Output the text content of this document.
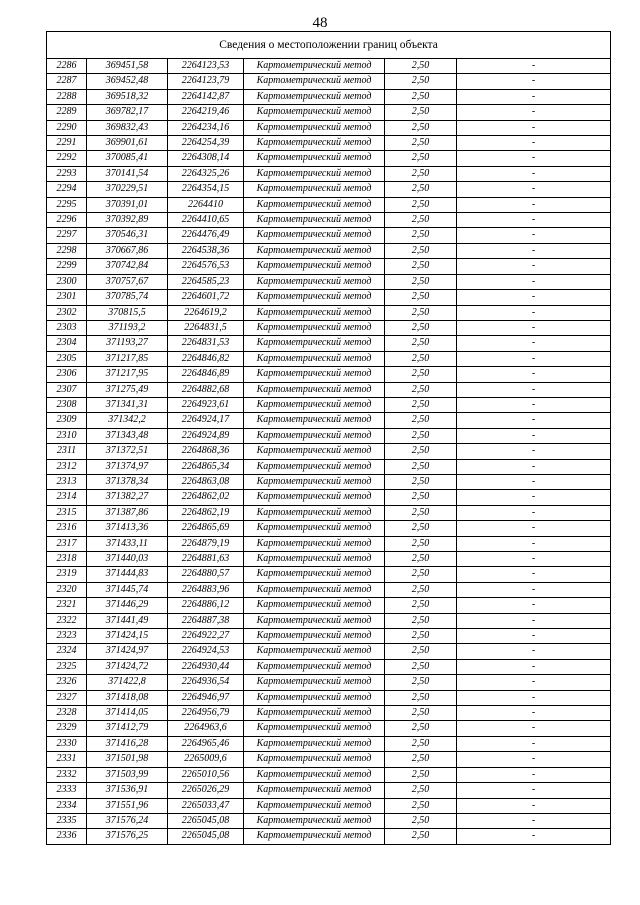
48
Сведения о местоположении границ объекта					
2286	369451,58	2264123,53	Картометрический метод	2,50	-
2287	369452,48	2264123,79	Картометрический метод	2,50	-
2288	369518,32	2264142,87	Картометрический метод	2,50	-
2289	369782,17	2264219,46	Картометрический метод	2,50	-
2290	369832,43	2264234,16	Картометрический метод	2,50	-
2291	369901,61	2264254,39	Картометрический метод	2,50	-
2292	370085,41	2264308,14	Картометрический метод	2,50	-
2293	370141,54	2264325,26	Картометрический метод	2,50	-
2294	370229,51	2264354,15	Картометрический метод	2,50	-
2295	370391,01	2264410	Картометрический метод	2,50	-
2296	370392,89	2264410,65	Картометрический метод	2,50	-
2297	370546,31	2264476,49	Картометрический метод	2,50	-
2298	370667,86	2264538,36	Картометрический метод	2,50	-
2299	370742,84	2264576,53	Картометрический метод	2,50	-
2300	370757,67	2264585,23	Картометрический метод	2,50	-
2301	370785,74	2264601,72	Картометрический метод	2,50	-
2302	370815,5	2264619,2	Картометрический метод	2,50	-
2303	371193,2	2264831,5	Картометрический метод	2,50	-
2304	371193,27	2264831,53	Картометрический метод	2,50	-
2305	371217,85	2264846,82	Картометрический метод	2,50	-
2306	371217,95	2264846,89	Картометрический метод	2,50	-
2307	371275,49	2264882,68	Картометрический метод	2,50	-
2308	371341,31	2264923,61	Картометрический метод	2,50	-
2309	371342,2	2264924,17	Картометрический метод	2,50	-
2310	371343,48	2264924,89	Картометрический метод	2,50	-
2311	371372,51	2264868,36	Картометрический метод	2,50	-
2312	371374,97	2264865,34	Картометрический метод	2,50	-
2313	371378,34	2264863,08	Картометрический метод	2,50	-
2314	371382,27	2264862,02	Картометрический метод	2,50	-
2315	371387,86	2264862,19	Картометрический метод	2,50	-
2316	371413,36	2264865,69	Картометрический метод	2,50	-
2317	371433,11	2264879,19	Картометрический метод	2,50	-
2318	371440,03	2264881,63	Картометрический метод	2,50	-
2319	371444,83	2264880,57	Картометрический метод	2,50	-
2320	371445,74	2264883,96	Картометрический метод	2,50	-
2321	371446,29	2264886,12	Картометрический метод	2,50	-
2322	371441,49	2264887,38	Картометрический метод	2,50	-
2323	371424,15	2264922,27	Картометрический метод	2,50	-
2324	371424,97	2264924,53	Картометрический метод	2,50	-
2325	371424,72	2264930,44	Картометрический метод	2,50	-
2326	371422,8	2264936,54	Картометрический метод	2,50	-
2327	371418,08	2264946,97	Картометрический метод	2,50	-
2328	371414,05	2264956,79	Картометрический метод	2,50	-
2329	371412,79	2264963,6	Картометрический метод	2,50	-
2330	371416,28	2264965,46	Картометрический метод	2,50	-
2331	371501,98	2265009,6	Картометрический метод	2,50	-
2332	371503,99	2265010,56	Картометрический метод	2,50	-
2333	371536,91	2265026,29	Картометрический метод	2,50	-
2334	371551,96	2265033,47	Картометрический метод	2,50	-
2335	371576,24	2265045,08	Картометрический метод	2,50	-
2336	371576,25	2265045,08	Картометрический метод	2,50	-
